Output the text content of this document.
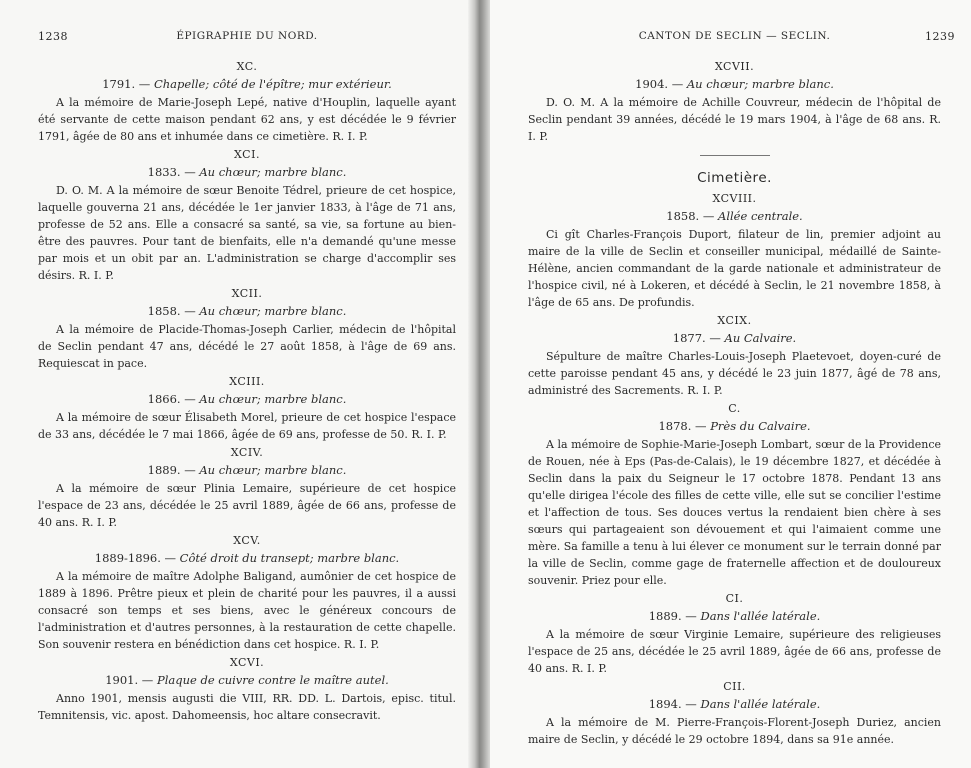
1238	ÉPIGRAPHIE DU NORD.
XC.
1791. — Chapelle; côté de l'épître; mur extérieur.

A la mémoire de Marie-Joseph Lepé, native d'Houplin, laquelle ayant été servante de cette maison pendant 62 ans, y est décédée le 9 février 1791, âgée de 80 ans et inhumée dans ce cimetière. R. I. P.

XCI.
1833. — Au chœur; marbre blanc.

D. O. M. A la mémoire de sœur Benoite Tédrel, prieure de cet hospice, laquelle gouverna 21 ans, décédée le 1er janvier 1833, à l'âge de 71 ans, professe de 52 ans. Elle a consacré sa santé, sa vie, sa fortune au bien-être des pauvres. Pour tant de bienfaits, elle n'a demandé qu'une messe par mois et un obit par an. L'administration se charge d'accomplir ses désirs. R. I. P.

XCII.
1858. — Au chœur; marbre blanc.

A la mémoire de Placide-Thomas-Joseph Carlier, médecin de l'hôpital de Seclin pendant 47 ans, décédé le 27 août 1858, à l'âge de 69 ans. Requiescat in pace.

XCIII.
1866. — Au chœur; marbre blanc.

A la mémoire de sœur Élisabeth Morel, prieure de cet hospice l'espace de 33 ans, décédée le 7 mai 1866, âgée de 69 ans, professe de 50. R. I. P.

XCIV.
1889. — Au chœur; marbre blanc.

A la mémoire de sœur Plinia Lemaire, supérieure de cet hospice l'espace de 23 ans, décédée le 25 avril 1889, âgée de 66 ans, professe de 40 ans. R. I. P.

XCV.
1889-1896. — Côté droit du transept; marbre blanc.

A la mémoire de maître Adolphe Baligand, aumônier de cet hospice de 1889 à 1896. Prêtre pieux et plein de charité pour les pauvres, il a aussi consacré son temps et ses biens, avec le généreux concours de l'administration et d'autres personnes, à la restauration de cette chapelle. Son souvenir restera en bénédiction dans cet hospice. R. I. P.

XCVI.
1901. — Plaque de cuivre contre le maître autel.

Anno 1901, mensis augusti die VIII, RR. DD. L. Dartois, episc. titul. Temnitensis, vic. apost. Dahomeensis, hoc altare consecravit.

1239
CANTON DE SECLIN — SECLIN.
XCVII.
1904. — Au chœur; marbre blanc.

D. O. M. A la mémoire de Achille Couvreur, médecin de l'hôpital de Seclin pendant 39 années, décédé le 19 mars 1904, à l'âge de 68 ans. R. I. P.

Cimetière.
XCVIII.
1858. — Allée centrale.

Ci gît Charles-François Duport, filateur de lin, premier adjoint au maire de la ville de Seclin et conseiller municipal, médaillé de Sainte-Hélène, ancien commandant de la garde nationale et administrateur de l'hospice civil, né à Lokeren, et décédé à Seclin, le 21 novembre 1858, à l'âge de 65 ans. De profundis.

XCIX.
1877. — Au Calvaire.

Sépulture de maître Charles-Louis-Joseph Plaetevoet, doyen-curé de cette paroisse pendant 45 ans, y décédé le 23 juin 1877, âgé de 78 ans, administré des Sacrements. R. I. P.

C.
1878. — Près du Calvaire.

A la mémoire de Sophie-Marie-Joseph Lombart, sœur de la Providence de Rouen, née à Eps (Pas-de-Calais), le 19 décembre 1827, et décédée à Seclin dans la paix du Seigneur le 17 octobre 1878. Pendant 13 ans qu'elle dirigea l'école des filles de cette ville, elle sut se concilier l'estime et l'affection de tous. Ses douces vertus la rendaient bien chère à ses sœurs qui partageaient son dévouement et qui l'aimaient comme une mère. Sa famille a tenu à lui élever ce monument sur le terrain donné par la ville de Seclin, comme gage de fraternelle affection et de douloureux souvenir. Priez pour elle.

CI.
1889. — Dans l'allée latérale.

A la mémoire de sœur Virginie Lemaire, supérieure des religieuses l'espace de 25 ans, décédée le 25 avril 1889, âgée de 66 ans, professe de 40 ans. R. I. P.

CII.
1894. — Dans l'allée latérale.

A la mémoire de M. Pierre-François-Florent-Joseph Duriez, ancien maire de Seclin, y décédé le 29 octobre 1894, dans sa 91e année.
